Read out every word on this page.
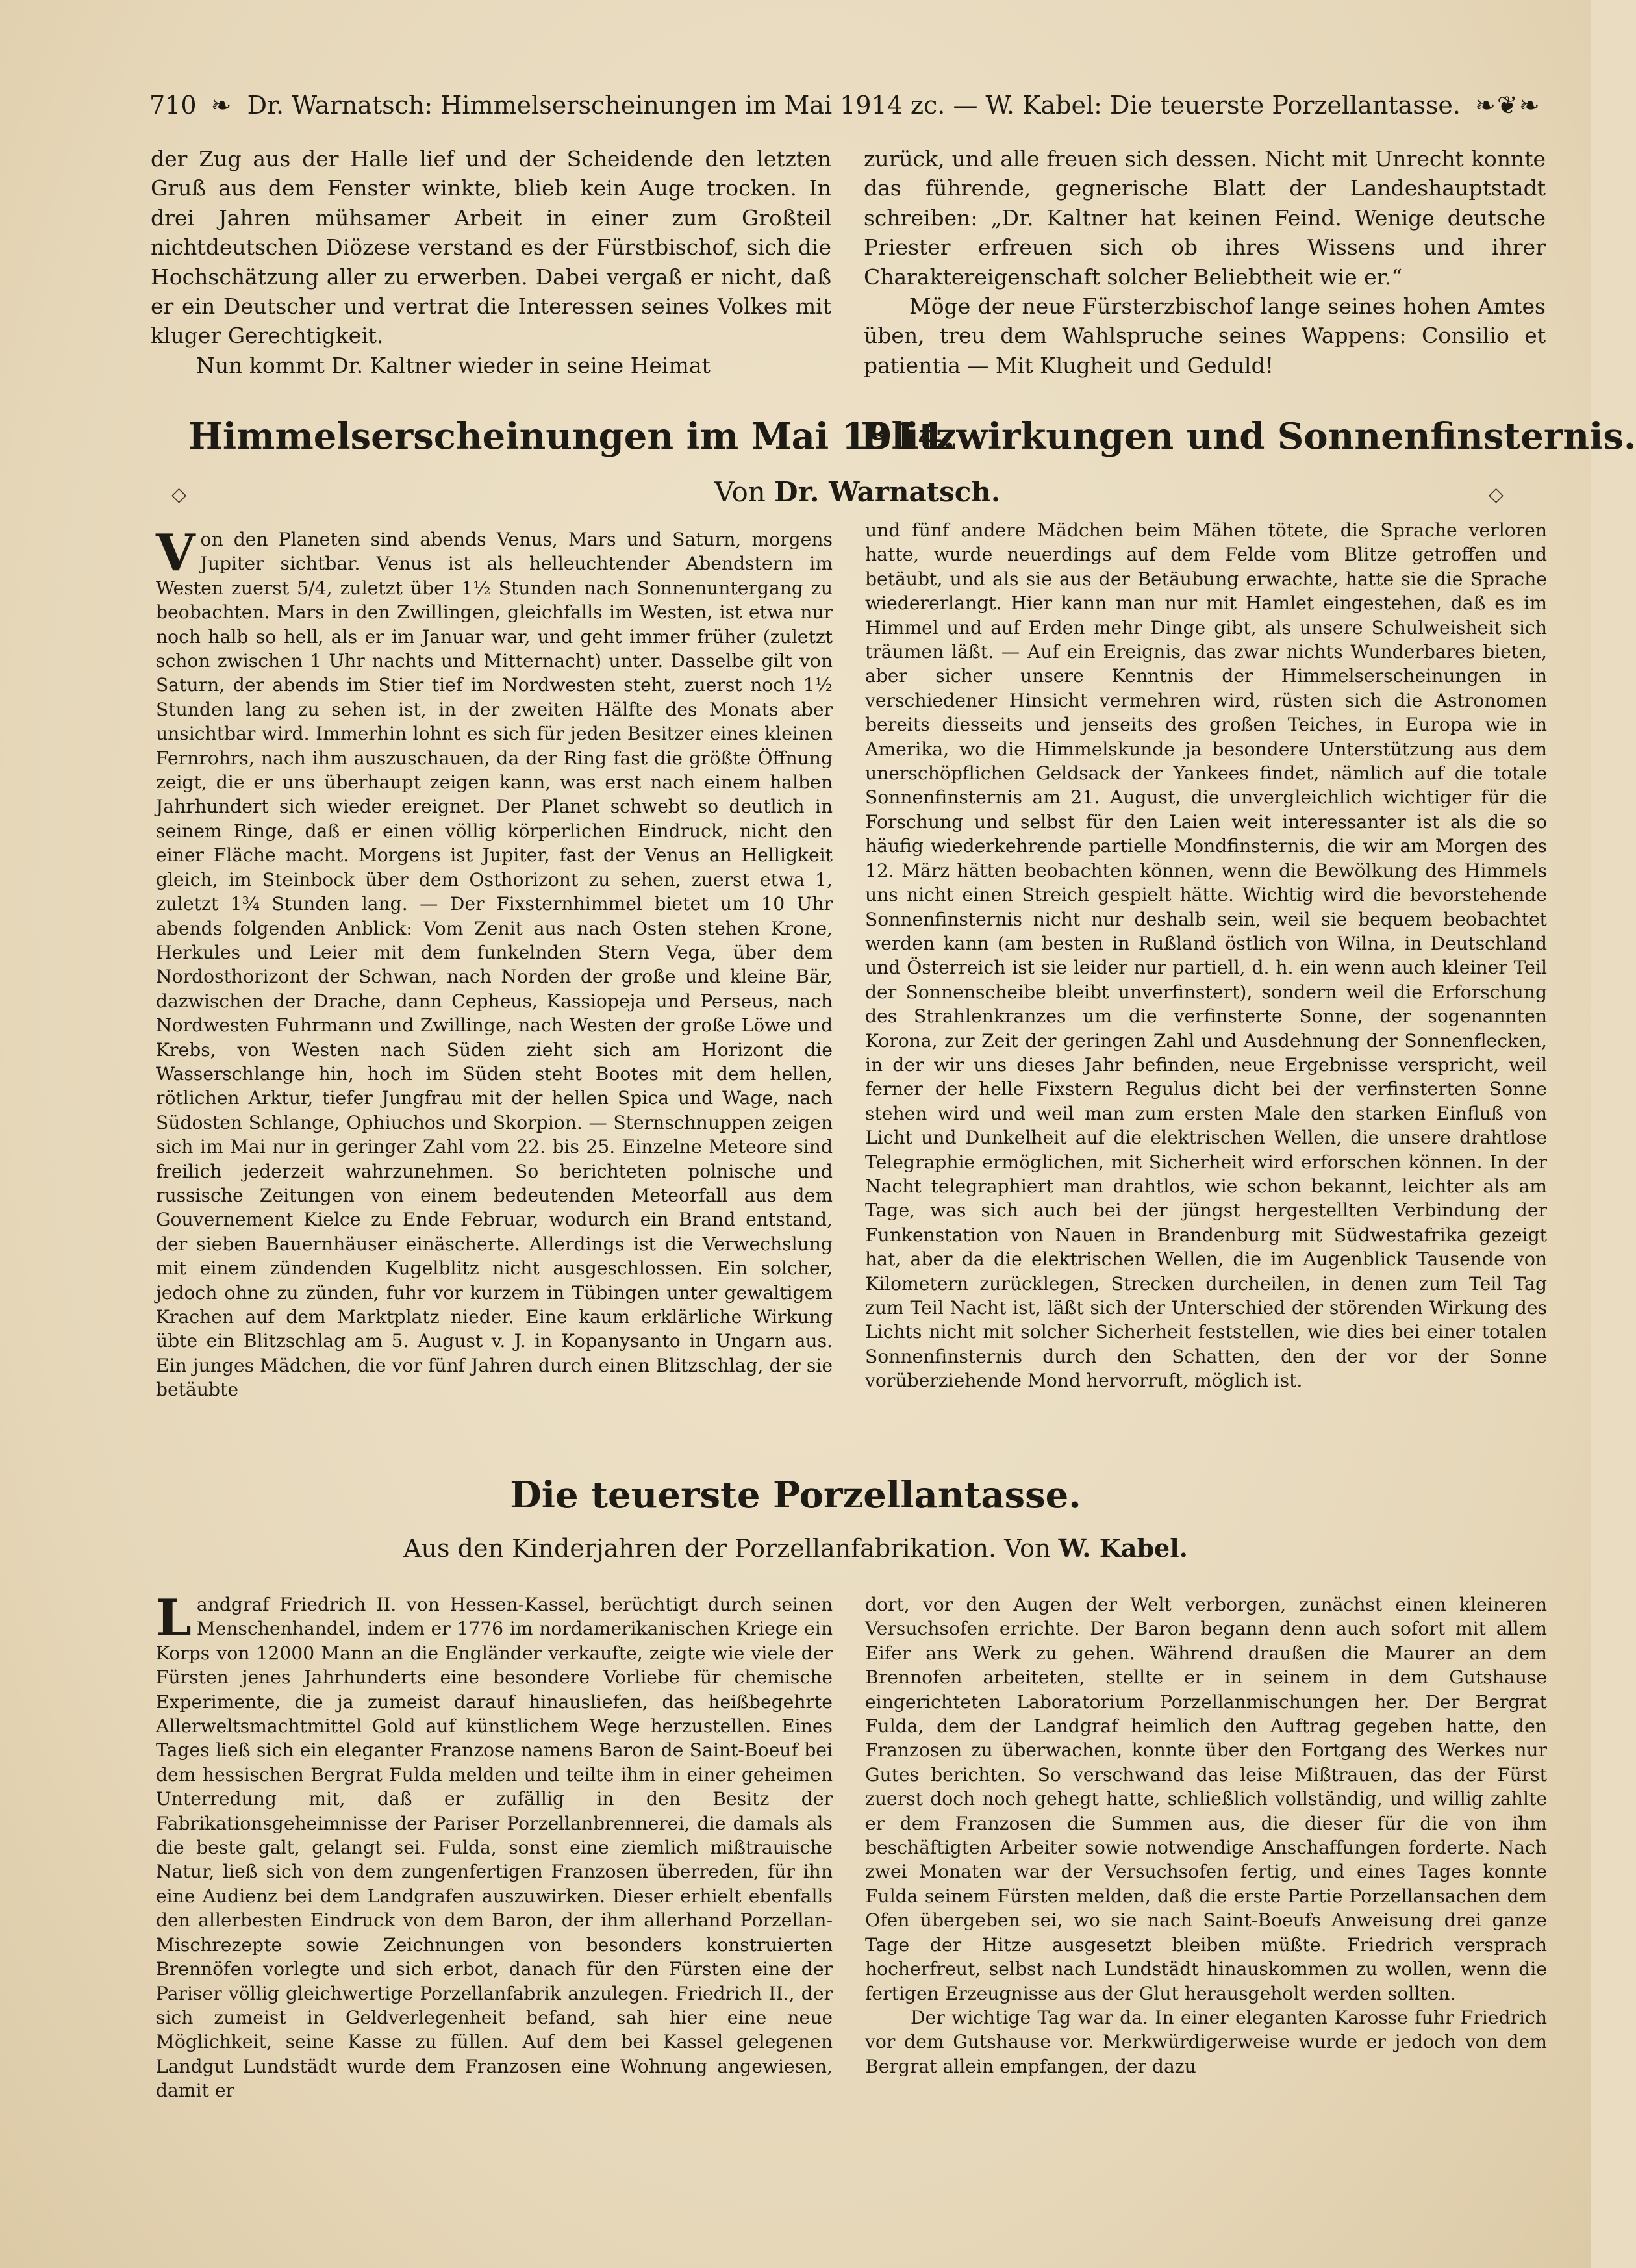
710 ❧ Dr. Warnatsch: Himmelserscheinungen im Mai 1914 zc. — W. Kabel: Die teuerste Porzellantasse. ❧❦❧

der Zug aus der Halle lief und der Scheidende den letzten Gruß aus dem Fenster winkte, blieb kein Auge trocken. In drei Jahren mühsamer Arbeit in einer zum Großteil nichtdeutschen Diözese verstand es der Fürstbischof, sich die Hochschätzung aller zu erwerben. Dabei vergaß er nicht, daß er ein Deutscher und vertrat die Interessen seines Volkes mit kluger Gerechtigkeit.

Nun kommt Dr. Kaltner wieder in seine Heimat

zurück, und alle freuen sich dessen. Nicht mit Unrecht konnte das führende, gegnerische Blatt der Landeshauptstadt schreiben: „Dr. Kaltner hat keinen Feind. Wenige deutsche Priester erfreuen sich ob ihres Wissens und ihrer Charaktereigenschaft solcher Beliebtheit wie er.“

Möge der neue Fürsterzbischof lange seines hohen Amtes üben, treu dem Wahlspruche seines Wappens: Consilio et patientia — Mit Klugheit und Geduld!

Himmelserscheinungen im Mai 1914.
Blitzwirkungen und Sonnenfinsternis.
Von Dr. Warnatsch.
◇	◇

Von den Planeten sind abends Venus, Mars und Saturn, morgens Jupiter sichtbar. Venus ist als helleuchtender Abendstern im Westen zuerst 5/4, zuletzt über 1½ Stunden nach Sonnenuntergang zu beobachten. Mars in den Zwillingen, gleichfalls im Westen, ist etwa nur noch halb so hell, als er im Januar war, und geht immer früher (zuletzt schon zwischen 1 Uhr nachts und Mitternacht) unter. Dasselbe gilt von Saturn, der abends im Stier tief im Nordwesten steht, zuerst noch 1½ Stunden lang zu sehen ist, in der zweiten Hälfte des Monats aber unsichtbar wird. Immerhin lohnt es sich für jeden Besitzer eines kleinen Fernrohrs, nach ihm auszuschauen, da der Ring fast die größte Öffnung zeigt, die er uns überhaupt zeigen kann, was erst nach einem halben Jahrhundert sich wieder ereignet. Der Planet schwebt so deutlich in seinem Ringe, daß er einen völlig körperlichen Eindruck, nicht den einer Fläche macht. Morgens ist Jupiter, fast der Venus an Helligkeit gleich, im Steinbock über dem Osthorizont zu sehen, zuerst etwa 1, zuletzt 1¾ Stunden lang. — Der Fixsternhimmel bietet um 10 Uhr abends folgenden Anblick: Vom Zenit aus nach Osten stehen Krone, Herkules und Leier mit dem funkelnden Stern Vega, über dem Nordosthorizont der Schwan, nach Norden der große und kleine Bär, dazwischen der Drache, dann Cepheus, Kassiopeja und Perseus, nach Nordwesten Fuhrmann und Zwillinge, nach Westen der große Löwe und Krebs, von Westen nach Süden zieht sich am Horizont die Wasserschlange hin, hoch im Süden steht Bootes mit dem hellen, rötlichen Arktur, tiefer Jungfrau mit der hellen Spica und Wage, nach Südosten Schlange, Ophiuchos und Skorpion. — Sternschnuppen zeigen sich im Mai nur in geringer Zahl vom 22. bis 25. Einzelne Meteore sind freilich jederzeit wahrzunehmen. So berichteten polnische und russische Zeitungen von einem bedeutenden Meteorfall aus dem Gouvernement Kielce zu Ende Februar, wodurch ein Brand entstand, der sieben Bauernhäuser einäscherte. Allerdings ist die Verwechslung mit einem zündenden Kugelblitz nicht ausgeschlossen. Ein solcher, jedoch ohne zu zünden, fuhr vor kurzem in Tübingen unter gewaltigem Krachen auf dem Marktplatz nieder. Eine kaum erklärliche Wirkung übte ein Blitzschlag am 5. August v. J. in Kopanysanto in Ungarn aus. Ein junges Mädchen, die vor fünf Jahren durch einen Blitzschlag, der sie betäubte

und fünf andere Mädchen beim Mähen tötete, die Sprache verloren hatte, wurde neuerdings auf dem Felde vom Blitze getroffen und betäubt, und als sie aus der Betäubung erwachte, hatte sie die Sprache wiedererlangt. Hier kann man nur mit Hamlet eingestehen, daß es im Himmel und auf Erden mehr Dinge gibt, als unsere Schulweisheit sich träumen läßt. — Auf ein Ereignis, das zwar nichts Wunderbares bieten, aber sicher unsere Kenntnis der Himmelserscheinungen in verschiedener Hinsicht vermehren wird, rüsten sich die Astronomen bereits diesseits und jenseits des großen Teiches, in Europa wie in Amerika, wo die Himmelskunde ja besondere Unterstützung aus dem unerschöpflichen Geldsack der Yankees findet, nämlich auf die totale Sonnenfinsternis am 21. August, die unvergleichlich wichtiger für die Forschung und selbst für den Laien weit interessanter ist als die so häufig wiederkehrende partielle Mondfinsternis, die wir am Morgen des 12. März hätten beobachten können, wenn die Bewölkung des Himmels uns nicht einen Streich gespielt hätte. Wichtig wird die bevorstehende Sonnenfinsternis nicht nur deshalb sein, weil sie bequem beobachtet werden kann (am besten in Rußland östlich von Wilna, in Deutschland und Österreich ist sie leider nur partiell, d. h. ein wenn auch kleiner Teil der Sonnenscheibe bleibt unverfinstert), sondern weil die Erforschung des Strahlenkranzes um die verfinsterte Sonne, der sogenannten Korona, zur Zeit der geringen Zahl und Ausdehnung der Sonnenflecken, in der wir uns dieses Jahr befinden, neue Ergebnisse verspricht, weil ferner der helle Fixstern Regulus dicht bei der verfinsterten Sonne stehen wird und weil man zum ersten Male den starken Einfluß von Licht und Dunkelheit auf die elektrischen Wellen, die unsere drahtlose Telegraphie ermöglichen, mit Sicherheit wird erforschen können. In der Nacht telegraphiert man drahtlos, wie schon bekannt, leichter als am Tage, was sich auch bei der jüngst hergestellten Verbindung der Funkenstation von Nauen in Brandenburg mit Südwestafrika gezeigt hat, aber da die elektrischen Wellen, die im Augenblick Tausende von Kilometern zurücklegen, Strecken durcheilen, in denen zum Teil Tag zum Teil Nacht ist, läßt sich der Unterschied der störenden Wirkung des Lichts nicht mit solcher Sicherheit feststellen, wie dies bei einer totalen Sonnenfinsternis durch den Schatten, den der vor der Sonne vorüberziehende Mond hervorruft, möglich ist.

Die teuerste Porzellantasse.
Aus den Kinderjahren der Porzellanfabrikation. Von W. Kabel.

Landgraf Friedrich II. von Hessen-Kassel, berüchtigt durch seinen Menschenhandel, indem er 1776 im nordamerikanischen Kriege ein Korps von 12000 Mann an die Engländer verkaufte, zeigte wie viele der Fürsten jenes Jahrhunderts eine besondere Vorliebe für chemische Experimente, die ja zumeist darauf hinausliefen, das heißbegehrte Allerweltsmachtmittel Gold auf künstlichem Wege herzustellen. Eines Tages ließ sich ein eleganter Franzose namens Baron de Saint-Boeuf bei dem hessischen Bergrat Fulda melden und teilte ihm in einer geheimen Unterredung mit, daß er zufällig in den Besitz der Fabrikationsgeheimnisse der Pariser Porzellanbrennerei, die damals als die beste galt, gelangt sei. Fulda, sonst eine ziemlich mißtrauische Natur, ließ sich von dem zungenfertigen Franzosen überreden, für ihn eine Audienz bei dem Landgrafen auszuwirken. Dieser erhielt ebenfalls den allerbesten Eindruck von dem Baron, der ihm allerhand Porzellan-Mischrezepte sowie Zeichnungen von besonders konstruierten Brennöfen vorlegte und sich erbot, danach für den Fürsten eine der Pariser völlig gleichwertige Porzellanfabrik anzulegen. Friedrich II., der sich zumeist in Geldverlegenheit befand, sah hier eine neue Möglichkeit, seine Kasse zu füllen. Auf dem bei Kassel gelegenen Landgut Lundstädt wurde dem Franzosen eine Wohnung angewiesen, damit er

dort, vor den Augen der Welt verborgen, zunächst einen kleineren Versuchsofen errichte. Der Baron begann denn auch sofort mit allem Eifer ans Werk zu gehen. Während draußen die Maurer an dem Brennofen arbeiteten, stellte er in seinem in dem Gutshause eingerichteten Laboratorium Porzellanmischungen her. Der Bergrat Fulda, dem der Landgraf heimlich den Auftrag gegeben hatte, den Franzosen zu überwachen, konnte über den Fortgang des Werkes nur Gutes berichten. So verschwand das leise Mißtrauen, das der Fürst zuerst doch noch gehegt hatte, schließlich vollständig, und willig zahlte er dem Franzosen die Summen aus, die dieser für die von ihm beschäftigten Arbeiter sowie notwendige Anschaffungen forderte. Nach zwei Monaten war der Versuchsofen fertig, und eines Tages konnte Fulda seinem Fürsten melden, daß die erste Partie Porzellansachen dem Ofen übergeben sei, wo sie nach Saint-Boeufs Anweisung drei ganze Tage der Hitze ausgesetzt bleiben müßte. Friedrich versprach hocherfreut, selbst nach Lundstädt hinauskommen zu wollen, wenn die fertigen Erzeugnisse aus der Glut herausgeholt werden sollten.

Der wichtige Tag war da. In einer eleganten Karosse fuhr Friedrich vor dem Gutshause vor. Merkwürdigerweise wurde er jedoch von dem Bergrat allein empfangen, der dazu
